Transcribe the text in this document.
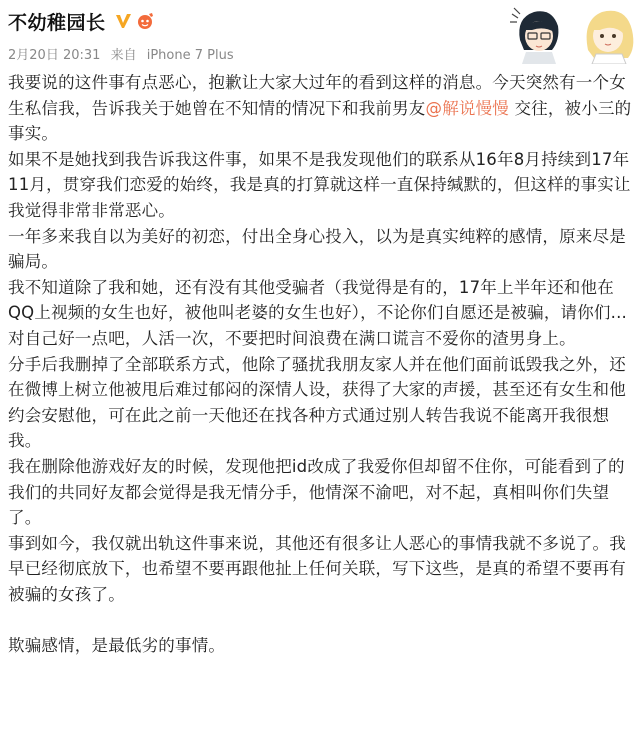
不幼稚园长
2月20日 20:31 来自 iPhone 7 Plus

我要说的这件事有点恶心，抱歉让大家大过年的看到这样的消息。今天突然有一个女生私信我，告诉我关于她曾在不知情的情况下和我前男友@解说慢慢 交往，被小三的事实。

如果不是她找到我告诉我这件事，如果不是我发现他们的联系从16年8月持续到17年11月，贯穿我们恋爱的始终，我是真的打算就这样一直保持缄默的，但这样的事实让我觉得非常非常恶心。

一年多来我自以为美好的初恋，付出全身心投入，以为是真实纯粹的感情，原来尽是骗局。

我不知道除了我和她，还有没有其他受骗者（我觉得是有的，17年上半年还和他在QQ上视频的女生也好，被他叫老婆的女生也好），不论你们自愿还是被骗，请你们...对自己好一点吧，人活一次，不要把时间浪费在满口谎言不爱你的渣男身上。

分手后我删掉了全部联系方式，他除了骚扰我朋友家人并在他们面前诋毁我之外，还在微博上树立他被甩后难过郁闷的深情人设，获得了大家的声援，甚至还有女生和他约会安慰他，可在此之前一天他还在找各种方式通过别人转告我说不能离开我很想我。

我在删除他游戏好友的时候，发现他把id改成了我爱你但却留不住你，可能看到了的我们的共同好友都会觉得是我无情分手，他情深不渝吧，对不起，真相叫你们失望了。

事到如今，我仅就出轨这件事来说，其他还有很多让人恶心的事情我就不多说了。我早已经彻底放下，也希望不要再跟他扯上任何关联，写下这些，是真的希望不要再有被骗的女孩了。

欺骗感情，是最低劣的事情。
